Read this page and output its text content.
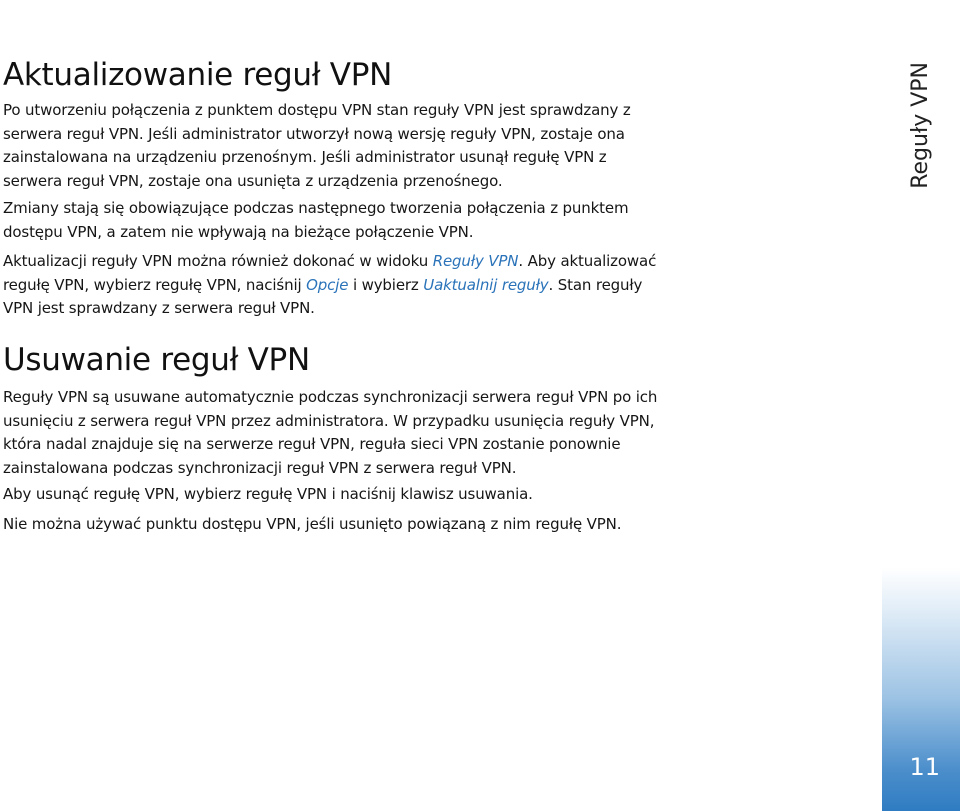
Aktualizowanie reguł VPN

Po utworzeniu połączenia z punktem dostępu VPN stan reguły VPN jest sprawdzany z serwera reguł VPN. Jeśli administrator utworzył nową wersję reguły VPN, zostaje ona zainstalowana na urządzeniu przenośnym. Jeśli administrator usunął regułę VPN z serwera reguł VPN, zostaje ona usunięta z urządzenia przenośnego.

Zmiany stają się obowiązujące podczas następnego tworzenia połączenia z punktem dostępu VPN, a zatem nie wpływają na bieżące połączenie VPN.

Aktualizacji reguły VPN można również dokonać w widoku Reguły VPN. Aby aktualizować regułę VPN, wybierz regułę VPN, naciśnij Opcje i wybierz Uaktualnij reguły. Stan reguły VPN jest sprawdzany z serwera reguł VPN.

Usuwanie reguł VPN

Reguły VPN są usuwane automatycznie podczas synchronizacji serwera reguł VPN po ich usunięciu z serwera reguł VPN przez administratora. W przypadku usunięcia reguły VPN, która nadal znajduje się na serwerze reguł VPN, reguła sieci VPN zostanie ponownie zainstalowana podczas synchronizacji reguł VPN z serwera reguł VPN.

Aby usunąć regułę VPN, wybierz regułę VPN i naciśnij klawisz usuwania.

Nie można używać punktu dostępu VPN, jeśli usunięto powiązaną z nim regułę VPN.

Reguły VPN
11
